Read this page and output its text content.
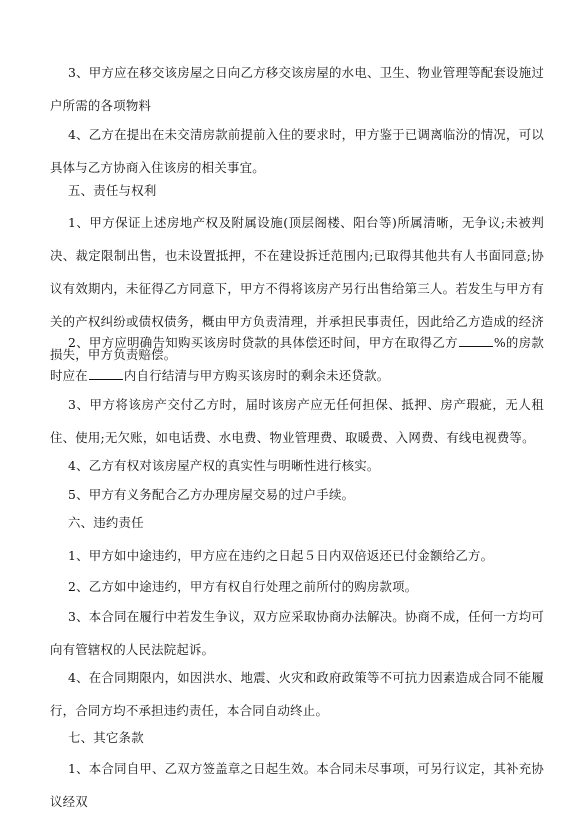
3、甲方应在移交该房屋之日向乙方移交该房屋的水电、卫生、物业管理等配套设施过户所需的各项物料

4、乙方在提出在未交清房款前提前入住的要求时，甲方鉴于已调离临汾的情况，可以具体与乙方协商入住该房的相关事宜。

五、责任与权利

1、甲方保证上述房地产权及附属设施(顶层阁楼、阳台等)所属清晰，无争议;未被判决、裁定限制出售，也未设置抵押，不在建设拆迁范围内;已取得其他共有人书面同意;协议有效期内，未征得乙方同意下，甲方不得将该房产另行出售给第三人。若发生与甲方有关的产权纠纷或债权债务，概由甲方负责清理，并承担民事责任，因此给乙方造成的经济损失，甲方负责赔偿。

2、甲方应明确告知购买该房时贷款的具体偿还时间，甲方在取得乙方	%的房款时应在	内自行结清与甲方购买该房时的剩余未还贷款。

3、甲方将该房产交付乙方时，届时该房产应无任何担保、抵押、房产瑕疵，无人租住、使用;无欠账，如电话费、水电费、物业管理费、取暖费、入网费、有线电视费等。

4、乙方有权对该房屋产权的真实性与明晰性进行核实。

5、甲方有义务配合乙方办理房屋交易的过户手续。

六、违约责任

1、甲方如中途违约，甲方应在违约之日起５日内双倍返还已付金额给乙方。

2、乙方如中途违约，甲方有权自行处理之前所付的购房款项。

3、本合同在履行中若发生争议，双方应采取协商办法解决。协商不成，任何一方均可向有管辖权的人民法院起诉。

4、在合同期限内，如因洪水、地震、火灾和政府政策等不可抗力因素造成合同不能履行，合同方均不承担违约责任，本合同自动终止。

七、其它条款

1、本合同自甲、乙双方签盖章之日起生效。本合同未尽事项，可另行议定，其补充协议经双
